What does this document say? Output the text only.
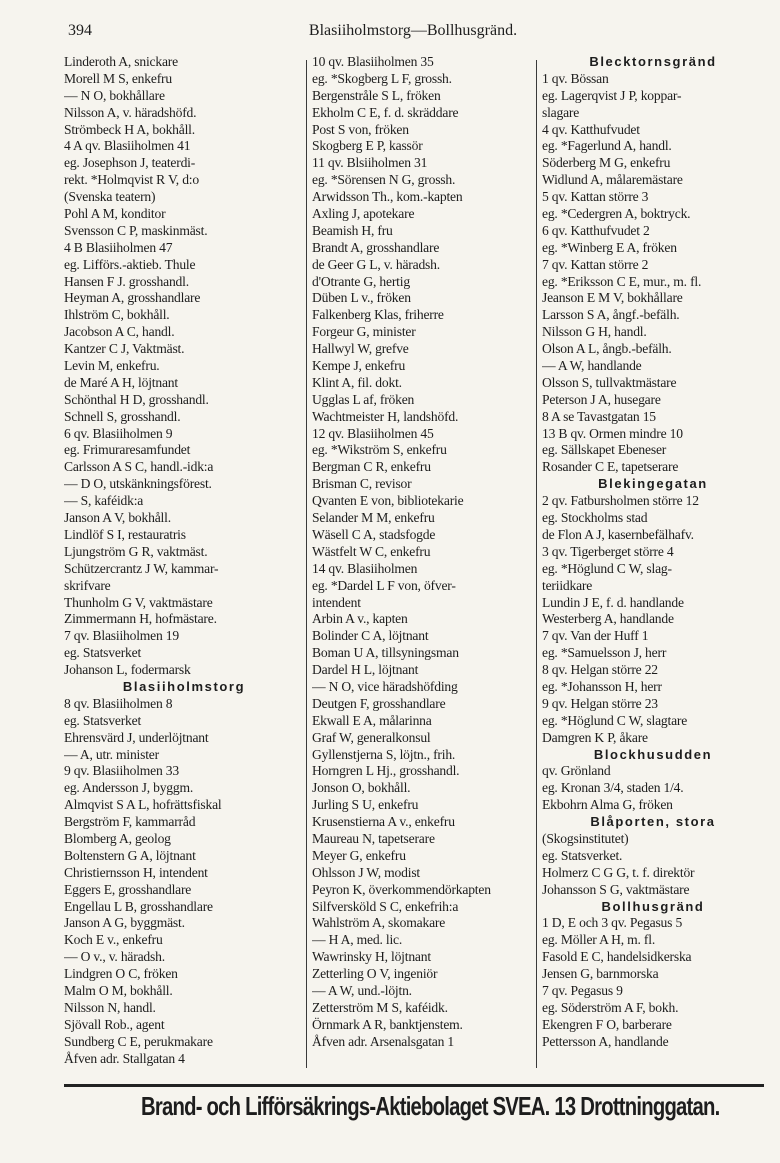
394	Blasiiholmstorg—Bollhusgränd.
Linderoth A, snickare
Morell M S, enkefru
— N O, bokhållare
Nilsson A, v. häradshöfd.
Strömbeck H A, bokhåll.
4 A qv. Blasiiholmen 41
eg. Josephson J, teaterdi-
rekt. *Holmqvist R V, d:o
(Svenska teatern)
Pohl A M, konditor
Svensson C P, maskinmäst.
4 B Blasiiholmen 47
eg. Lifförs.-aktieb. Thule
Hansen F J. grosshandl.
Heyman A, grosshandlare
Ihlström C, bokhåll.
Jacobson A C, handl.
Kantzer C J, Vaktmäst.
Levin M, enkefru.
de Maré A H, löjtnant
Schönthal H D, grosshandl.
Schnell S, grosshandl.
6 qv. Blasiiholmen 9
eg. Frimuraresamfundet
Carlsson A S C, handl.-idk:a
— D O, utskänkningsförest.
— S, kaféidk:a
Janson A V, bokhåll.
Lindlöf S I, restauratris
Ljungström G R, vaktmäst.
Schützercrantz J W, kammar-
skrifvare
Thunholm G V, vaktmästare
Zimmermann H, hofmästare.
7 qv. Blasiiholmen 19
eg. Statsverket
Johanson L, fodermarsk
Blasiiholmstorg
8 qv. Blasiiholmen 8
eg. Statsverket
Ehrensvärd J, underlöjtnant
— A, utr. minister
9 qv. Blasiiholmen 33
eg. Andersson J, byggm.
Almqvist S A L, hofrättsfiskal
Bergström F, kammarråd
Blomberg A, geolog
Boltenstern G A, löjtnant
Christiernsson H, intendent
Eggers E, grosshandlare
Engellau L B, grosshandlare
Janson A G, byggmäst.
Koch E v., enkefru
— O v., v. häradsh.
Lindgren O C, fröken
Malm O M, bokhåll.
Nilsson N, handl.
Sjövall Rob., agent
Sundberg C E, perukmakare
Åfven adr. Stallgatan 4
10 qv. Blasiiholmen 35
eg. *Skogberg L F, grossh.
Bergenstråle S L, fröken
Ekholm C E, f. d. skräddare
Post S von, fröken
Skogberg E P, kassör
11 qv. Blsiiholmen 31
eg. *Sörensen N G, grossh.
Arwidsson Th., kom.-kapten
Axling J, apotekare
Beamish H, fru
Brandt A, grosshandlare
de Geer G L, v. häradsh.
d'Otrante G, hertig
Düben L v., fröken
Falkenberg Klas, friherre
Forgeur G, minister
Hallwyl W, grefve
Kempe J, enkefru
Klint A, fil. dokt.
Ugglas L af, fröken
Wachtmeister H, landshöfd.
12 qv. Blasiiholmen 45
eg. *Wikström S, enkefru
Bergman C R, enkefru
Brisman C, revisor
Qvanten E von, bibliotekarie
Selander M M, enkefru
Wäsell C A, stadsfogde
Wästfelt W C, enkefru
14 qv. Blasiiholmen
eg. *Dardel L F von, öfver-
intendent
Arbin A v., kapten
Bolinder C A, löjtnant
Boman U A, tillsyningsman
Dardel H L, löjtnant
— N O, vice häradshöfding
Deutgen F, grosshandlare
Ekwall E A, målarinna
Graf W, generalkonsul
Gyllenstjerna S, löjtn., frih.
Horngren L Hj., grosshandl.
Jonson O, bokhåll.
Jurling S U, enkefru
Krusenstierna A v., enkefru
Maureau N, tapetserare
Meyer G, enkefru
Ohlsson J W, modist
Peyron K, överkommendörkapten
Silfversköld S C, enkefrih:a
Wahlström A, skomakare
— H A, med. lic.
Wawrinsky H, löjtnant
Zetterling O V, ingeniör
— A W, und.-löjtn.
Zetterström M S, kaféidk.
Örnmark A R, banktjenstem.
Åfven adr. Arsenalsgatan 1
Blecktornsgränd
1 qv. Bössan
eg. Lagerqvist J P, koppar-
slagare
4 qv. Katthufvudet
eg. *Fagerlund A, handl.
Söderberg M G, enkefru
Widlund A, målaremästare
5 qv. Kattan större 3
eg. *Cedergren A, boktryck.
6 qv. Katthufvudet 2
eg. *Winberg E A, fröken
7 qv. Kattan större 2
eg. *Eriksson C E, mur., m. fl.
Jeanson E M V, bokhållare
Larsson S A, ångf.-befälh.
Nilsson G H, handl.
Olson A L, ångb.-befälh.
— A W, handlande
Olsson S, tullvaktmästare
Peterson J A, husegare
8 A se Tavastgatan 15
13 B qv. Ormen mindre 10
eg. Sällskapet Ebeneser
Rosander C E, tapetserare
Blekingegatan
2 qv. Fatbursholmen större 12
eg. Stockholms stad
de Flon A J, kasernbefälhafv.
3 qv. Tigerberget större 4
eg. *Höglund C W, slag-
teriidkare
Lundin J E, f. d. handlande
Westerberg A, handlande
7 qv. Van der Huff 1
eg. *Samuelsson J, herr
8 qv. Helgan större 22
eg. *Johansson H, herr
9 qv. Helgan större 23
eg. *Höglund C W, slagtare
Damgren K P, åkare
Blockhusudden
qv. Grönland
eg. Kronan 3/4, staden 1/4.
Ekbohrn Alma G, fröken
Blåporten, stora
(Skogsinstitutet)
eg. Statsverket.
Holmerz C G G, t. f. direktör
Johansson S G, vaktmästare
Bollhusgränd
1 D, E och 3 qv. Pegasus 5
eg. Möller A H, m. fl.
Fasold E C, handelsidkerska
Jensen G, barnmorska
7 qv. Pegasus 9
eg. Söderström A F, bokh.
Ekengren F O, barberare
Pettersson A, handlande
Brand- och Lifförsäkrings-Aktiebolaget SVEA. 13 Drottninggatan.
